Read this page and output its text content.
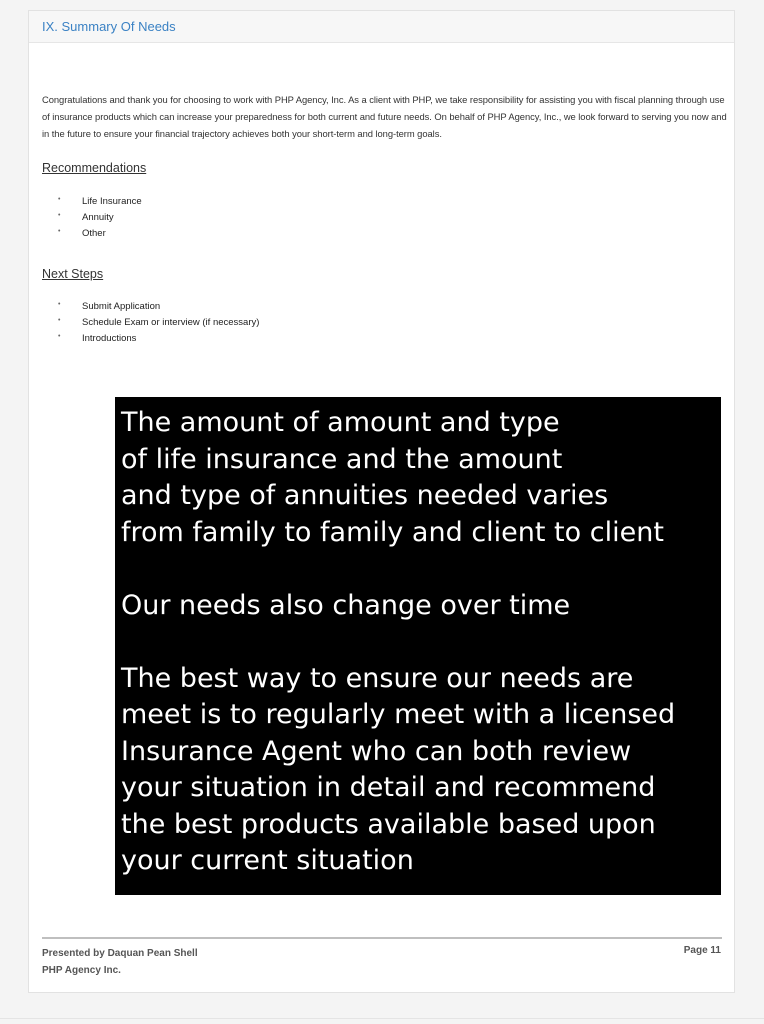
IX. Summary Of Needs

Congratulations and thank you for choosing to work with PHP Agency, Inc. As a client with PHP, we take responsibility for assisting you with fiscal planning through use of insurance products which can increase your preparedness for both current and future needs. On behalf of PHP Agency, Inc., we look forward to serving you now and in the future to ensure your financial trajectory achieves both your short-term and long-term goals.

Recommendations
• Life Insurance
• Annuity
• Other
Next Steps
• Submit Application
• Schedule Exam or interview (if necessary)
• Introductions

The amount of amount and type
of life insurance and the amount
and type of annuities needed varies
from family to family and client to client

Our needs also change over time

The best way to ensure our needs are
meet is to regularly meet with a licensed
Insurance Agent who can both review
your situation in detail and recommend
the best products available based upon
your current situation

Presented by Daquan Pean Shell
PHP Agency Inc.
Page 11
